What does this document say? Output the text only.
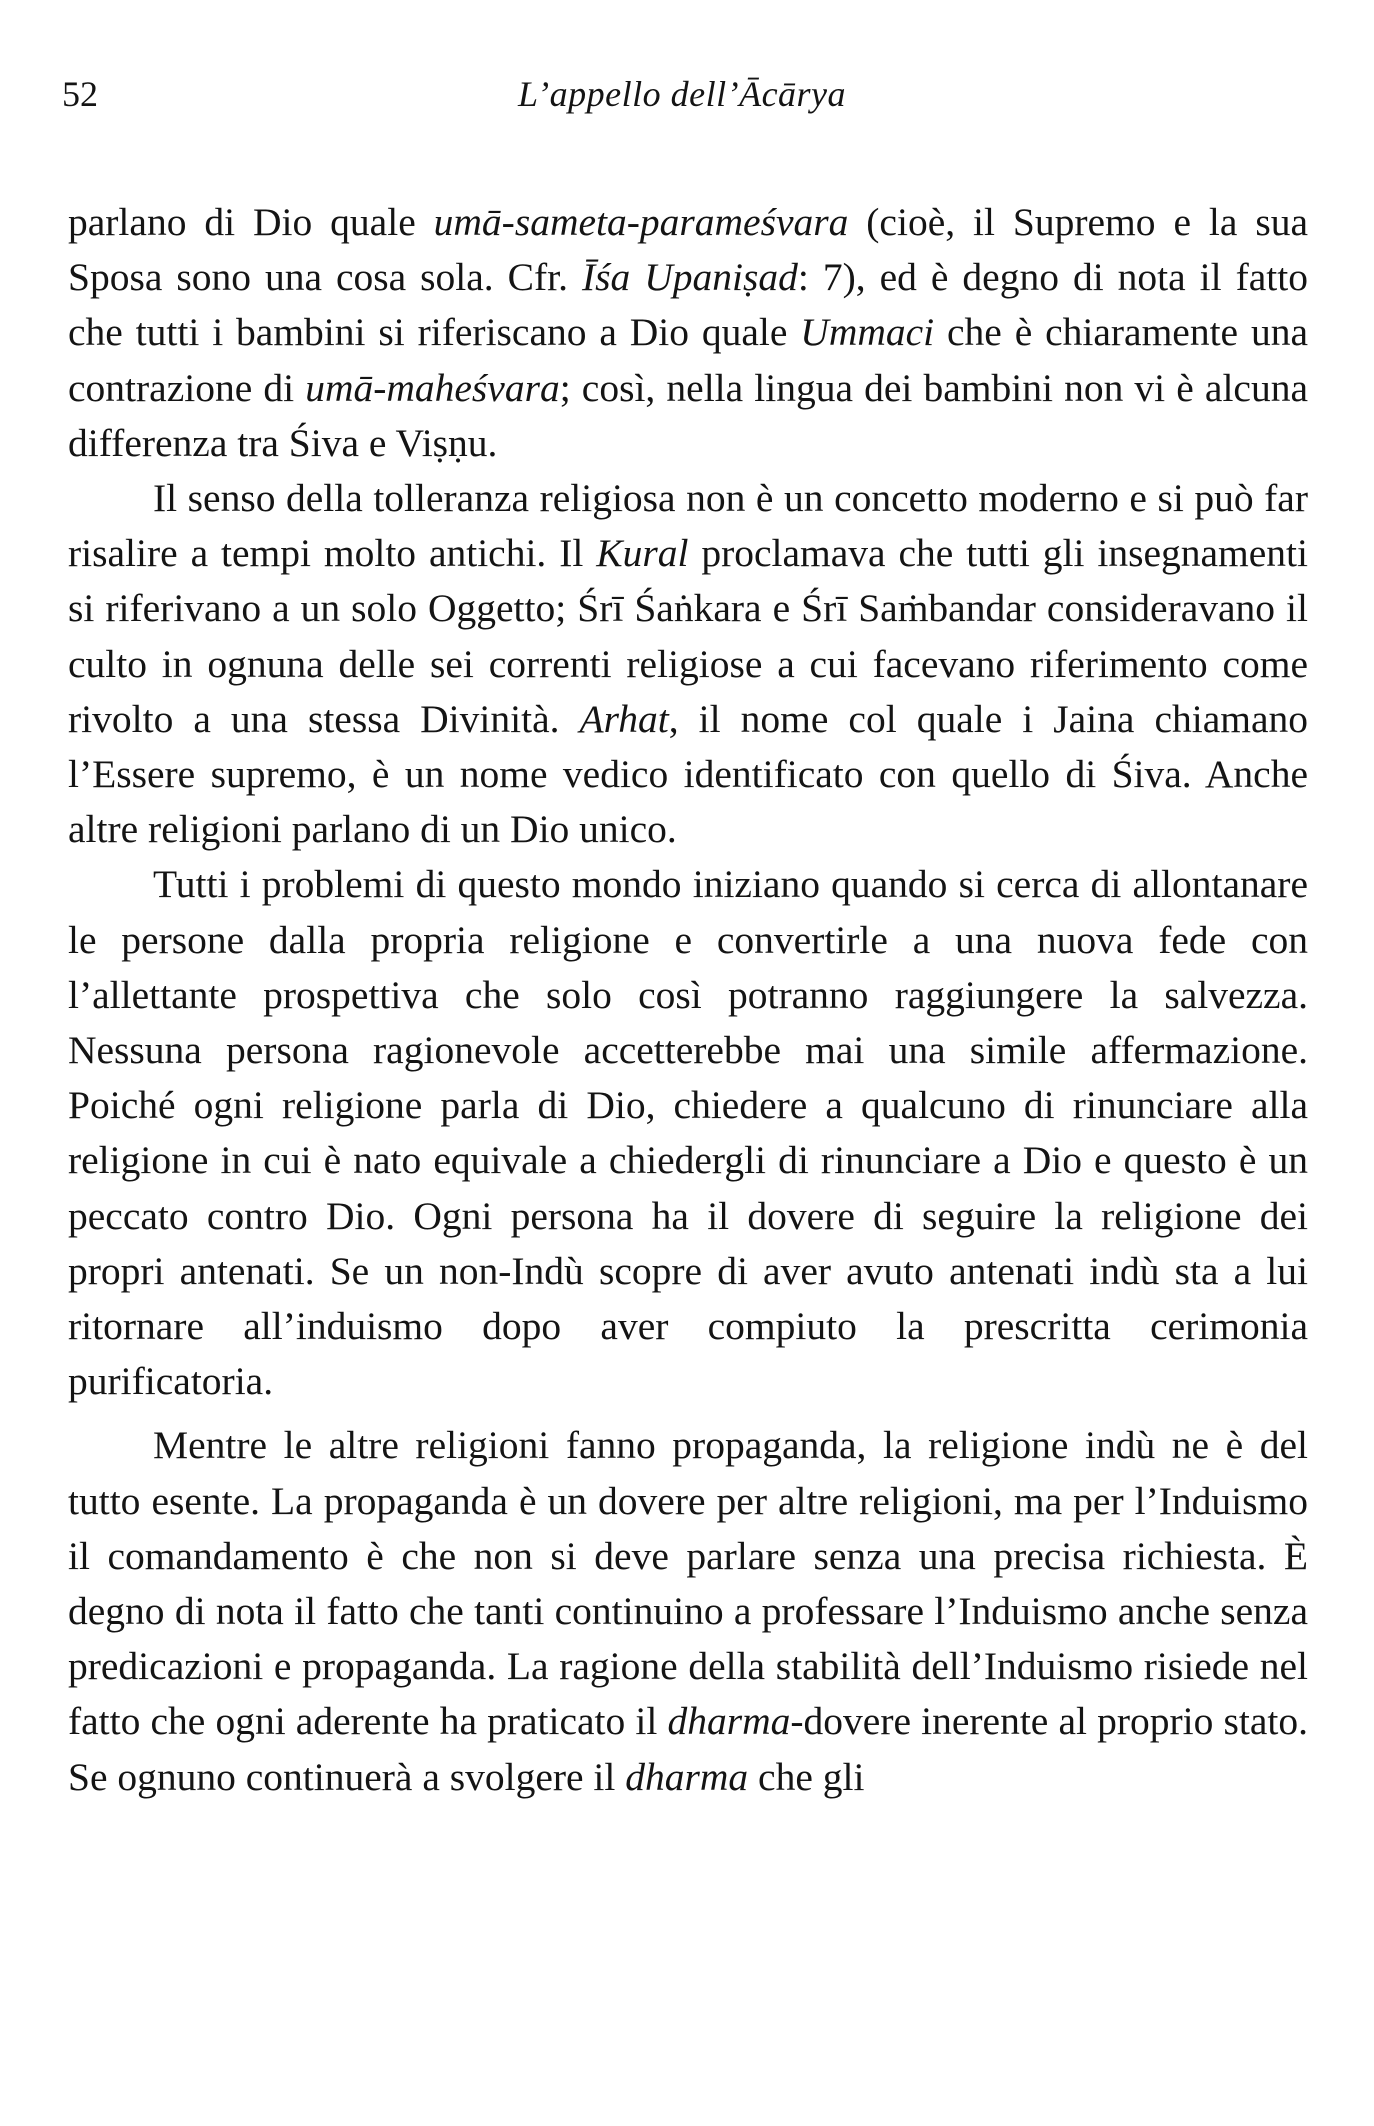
52	L’appello dell’Ācārya

parlano di Dio quale umā-sameta-parameśvara (cioè, il Supremo e la sua Sposa sono una cosa sola. Cfr. Īśa Upaniṣad: 7), ed è degno di nota il fatto che tutti i bambini si riferiscano a Dio quale Ummaci che è chiaramente una contrazione di umā-maheśvara; così, nella lingua dei bambini non vi è alcuna differenza tra Śiva e Viṣṇu.

Il senso della tolleranza religiosa non è un concetto moderno e si può far risalire a tempi molto antichi. Il Kural proclamava che tutti gli insegnamenti si riferivano a un solo Oggetto; Śrī Śaṅkara e Śrī Saṁbandar consideravano il culto in ognuna delle sei correnti religiose a cui facevano riferimento come rivolto a una stessa Divinità. Arhat, il nome col quale i Jaina chiamano l’Essere supremo, è un nome vedico identificato con quello di Śiva. Anche altre religioni parlano di un Dio unico.

Tutti i problemi di questo mondo iniziano quando si cerca di allontanare le persone dalla propria religione e convertirle a una nuova fede con l’allettante prospettiva che solo così potranno raggiungere la salvezza. Nessuna persona ragionevole accetterebbe mai una simile affermazione. Poiché ogni religione parla di Dio, chiedere a qualcuno di rinunciare alla religione in cui è nato equivale a chiedergli di rinunciare a Dio e questo è un peccato contro Dio. Ogni persona ha il dovere di seguire la religione dei propri antenati. Se un non-Indù scopre di aver avuto antenati indù sta a lui ritornare all’induismo dopo aver compiuto la prescritta cerimonia purificatoria.

Mentre le altre religioni fanno propaganda, la religione indù ne è del tutto esente. La propaganda è un dovere per altre religioni, ma per l’Induismo il comandamento è che non si deve parlare senza una precisa richiesta. È degno di nota il fatto che tanti continuino a professare l’Induismo anche senza predicazioni e propaganda. La ragione della stabilità dell’Induismo risiede nel fatto che ogni aderente ha praticato il dharma-dovere inerente al proprio stato. Se ognuno continuerà a svolgere il dharma che gli
